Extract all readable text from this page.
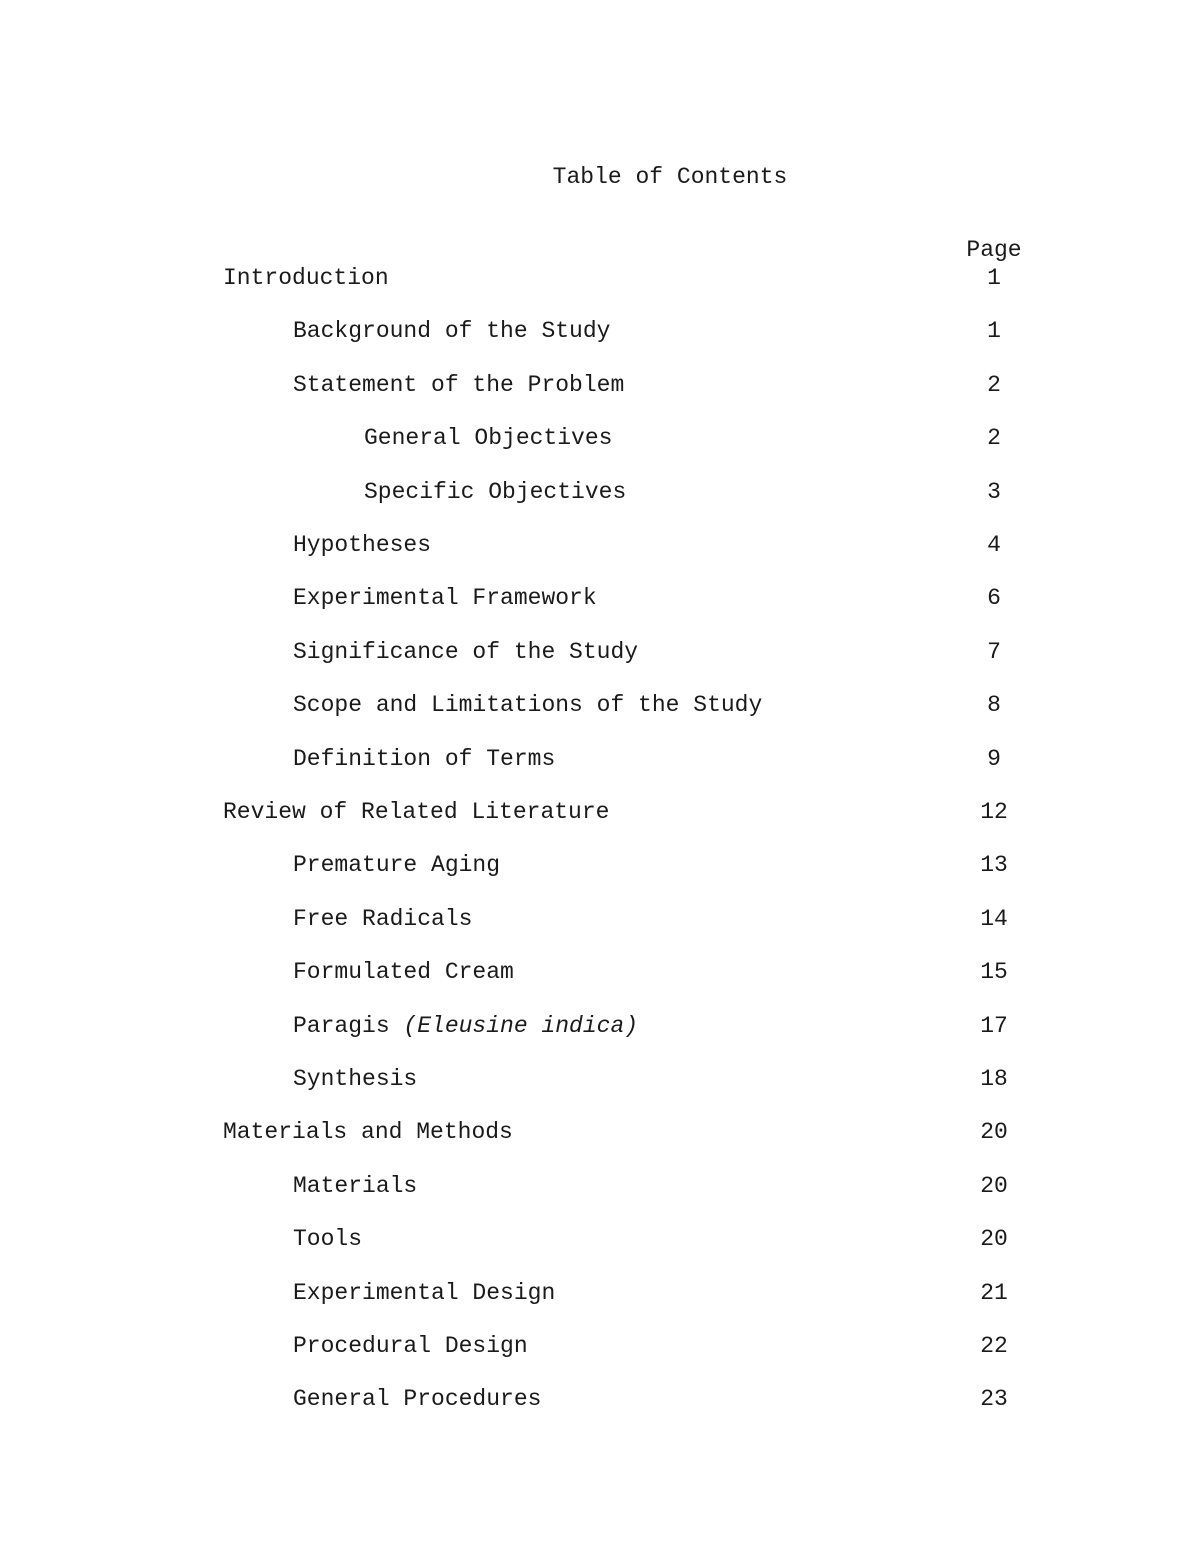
Table of Contents
Page
Introduction	1
Background of the Study	1
Statement of the Problem	2
General Objectives	2
Specific Objectives	3
Hypotheses	4
Experimental Framework	6
Significance of the Study	7
Scope and Limitations of the Study	8
Definition of Terms	9
Review of Related Literature	12
Premature Aging	13
Free Radicals	14
Formulated Cream	15
Paragis (Eleusine indica)	17
Synthesis	18
Materials and Methods	20
Materials	20
Tools	20
Experimental Design	21
Procedural Design	22
General Procedures	23
